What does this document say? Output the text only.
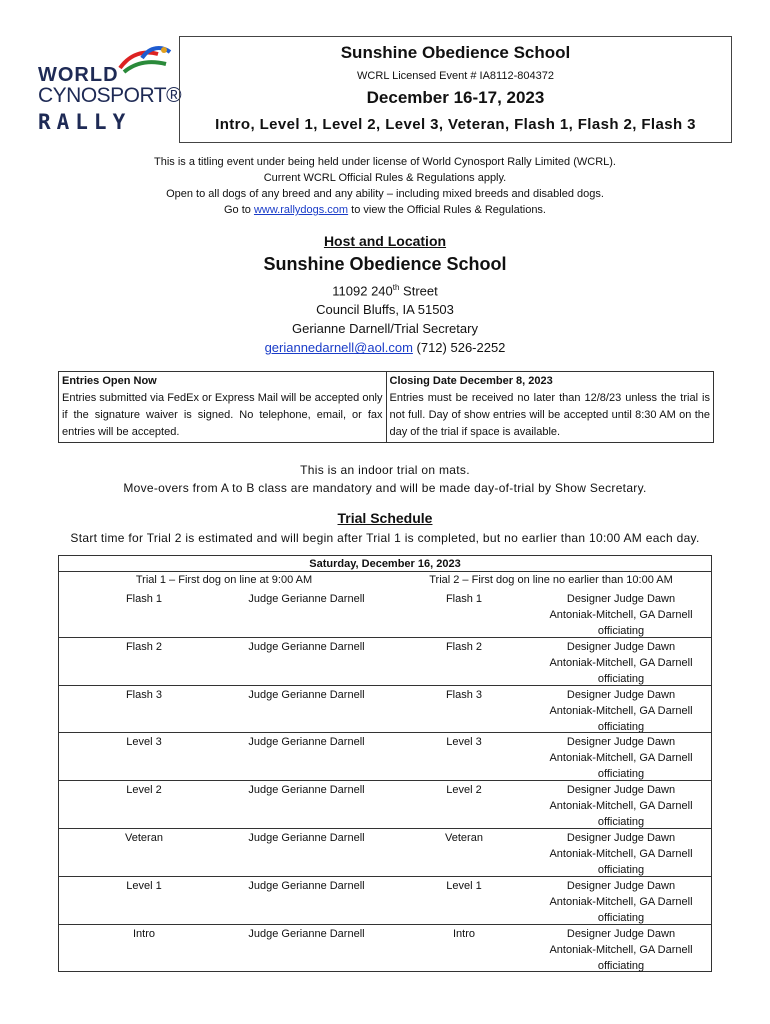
WORLD
CYNOSPORT®
RALLY
Sunshine Obedience School
WCRL Licensed Event # IA8112-804372
December 16-17, 2023
Intro, Level 1, Level 2, Level 3, Veteran, Flash 1, Flash 2, Flash 3
This is a titling event under being held under license of World Cynosport Rally Limited (WCRL).
Current WCRL Official Rules & Regulations apply.
Open to all dogs of any breed and any ability – including mixed breeds and disabled dogs.
Go to www.rallydogs.com to view the Official Rules & Regulations.
Host and Location
Sunshine Obedience School
11092 240th Street
Council Bluffs, IA 51503
Gerianne Darnell/Trial Secretary
geriannedarnell@aol.com (712) 526-2252
Entries Open Now
Entries submitted via FedEx or Express Mail will be accepted only if the signature waiver is signed. No telephone, email, or fax entries will be accepted.	
Closing Date December 8, 2023
Entries must be received no later than 12/8/23 unless the trial is not full. Day of show entries will be accepted until 8:30 AM on the day of the trial if space is available.
This is an indoor trial on mats.
Move-overs from A to B class are mandatory and will be made day-of-trial by Show Secretary.
Trial Schedule
Start time for Trial 2 is estimated and will begin after Trial 1 is completed, but no earlier than 10:00 AM each day.
Saturday, December 16, 2023
Trial 1 – First dog on line at 9:00 AM	Trial 2 – First dog on line no earlier than 10:00 AM
Flash 1	Judge Gerianne Darnell	Flash 1	Designer Judge Dawn
Antoniak-Mitchell, GA Darnell
officiating
Flash 2	Judge Gerianne Darnell	Flash 2	Designer Judge Dawn
Antoniak-Mitchell, GA Darnell
officiating
Flash 3	Judge Gerianne Darnell	Flash 3	Designer Judge Dawn
Antoniak-Mitchell, GA Darnell
officiating
Level 3	Judge Gerianne Darnell	Level 3	Designer Judge Dawn
Antoniak-Mitchell, GA Darnell
officiating
Level 2	Judge Gerianne Darnell	Level 2	Designer Judge Dawn
Antoniak-Mitchell, GA Darnell
officiating
Veteran	Judge Gerianne Darnell	Veteran	Designer Judge Dawn
Antoniak-Mitchell, GA Darnell
officiating
Level 1	Judge Gerianne Darnell	Level 1	Designer Judge Dawn
Antoniak-Mitchell, GA Darnell
officiating
Intro	Judge Gerianne Darnell	Intro	Designer Judge Dawn
Antoniak-Mitchell, GA Darnell
officiating
